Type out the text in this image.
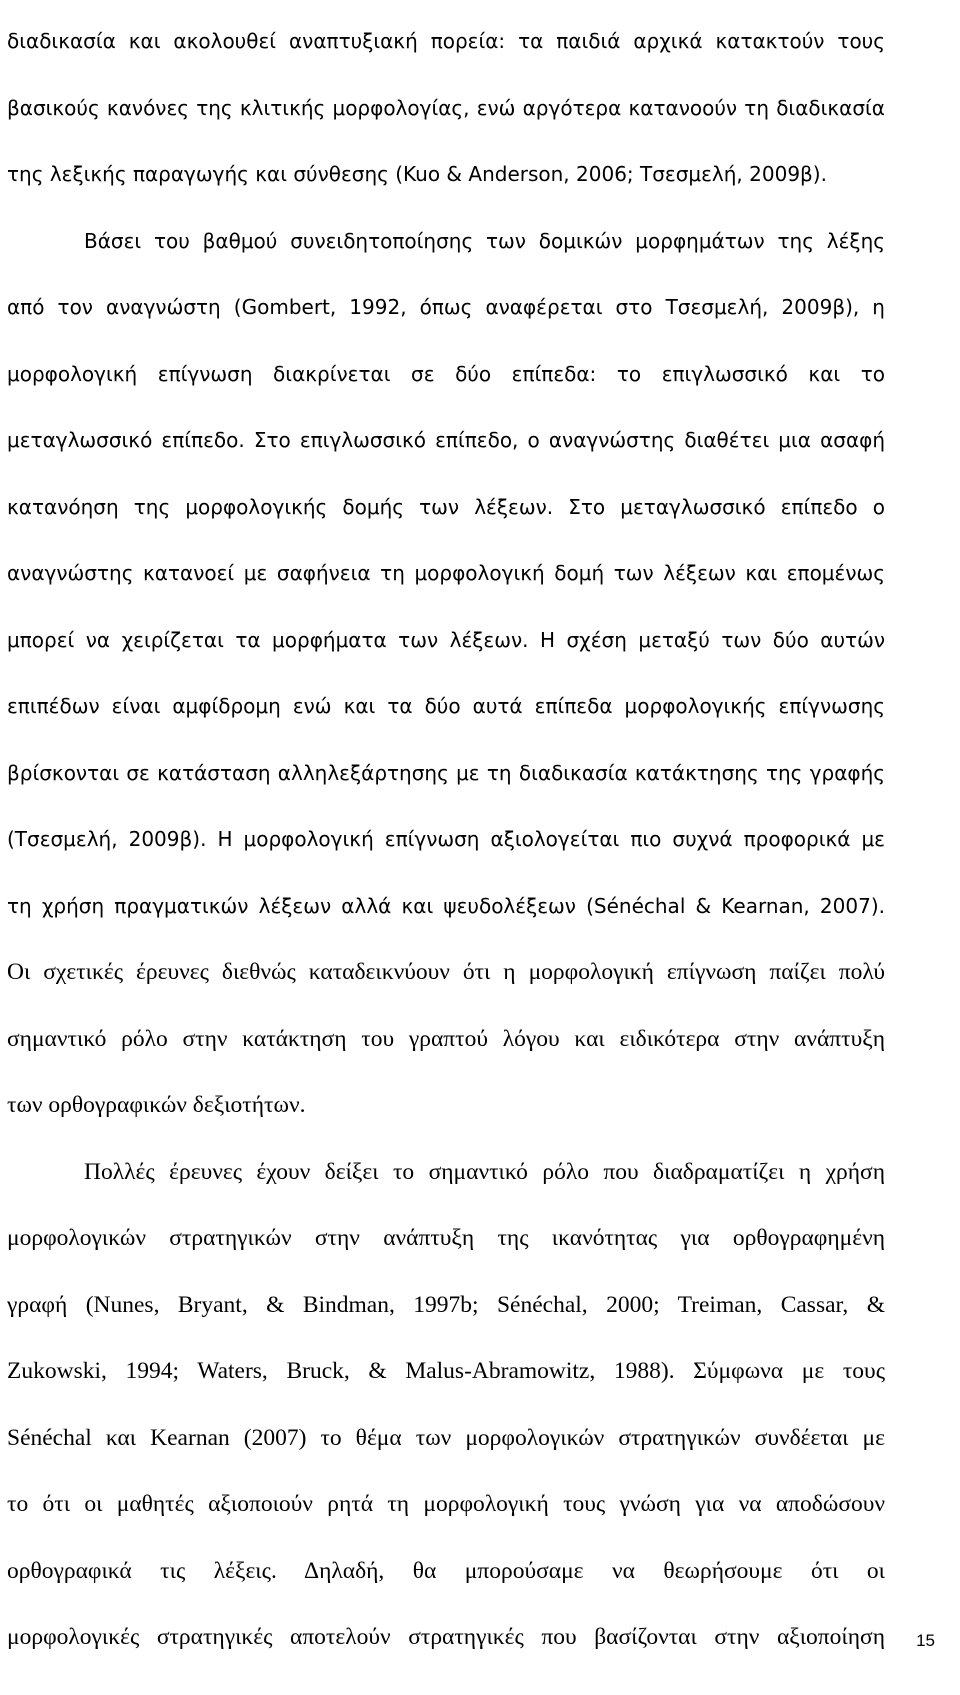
διαδικασία και ακολουθεί αναπτυξιακή πορεία: τα παιδιά αρχικά κατακτούν τους
βασικούς κανόνες της κλιτικής μορφολογίας, ενώ αργότερα κατανοούν τη διαδικασία
της λεξικής παραγωγής και σύνθεσης (Kuo & Anderson, 2006; Τσεσμελή, 2009β).
Βάσει του βαθμού συνειδητοποίησης των δομικών μορφημάτων της λέξης
από τον αναγνώστη (Gombert, 1992, όπως αναφέρεται στο Τσεσμελή, 2009β), η
μορφολογική επίγνωση διακρίνεται σε δύο επίπεδα: το επιγλωσσικό και το
μεταγλωσσικό επίπεδο. Στο επιγλωσσικό επίπεδο, ο αναγνώστης διαθέτει μια ασαφή
κατανόηση της μορφολογικής δομής των λέξεων. Στο μεταγλωσσικό επίπεδο ο
αναγνώστης κατανοεί με σαφήνεια τη μορφολογική δομή των λέξεων και επομένως
μπορεί να χειρίζεται τα μορφήματα των λέξεων. Η σχέση μεταξύ των δύο αυτών
επιπέδων είναι αμφίδρομη ενώ και τα δύο αυτά επίπεδα μορφολογικής επίγνωσης
βρίσκονται σε κατάσταση αλληλεξάρτησης με τη διαδικασία κατάκτησης της γραφής
(Τσεσμελή, 2009β). Η μορφολογική επίγνωση αξιολογείται πιο συχνά προφορικά με
τη χρήση πραγματικών λέξεων αλλά και ψευδολέξεων (Sénéchal & Kearnan, 2007).
Οι σχετικές έρευνες διεθνώς καταδεικνύουν ότι η μορφολογική επίγνωση παίζει πολύ
σημαντικό ρόλο στην κατάκτηση του γραπτού λόγου και ειδικότερα στην ανάπτυξη
των ορθογραφικών δεξιοτήτων.
Πολλές έρευνες έχουν δείξει το σημαντικό ρόλο που διαδραματίζει η χρήση
μορφολογικών στρατηγικών στην ανάπτυξη της ικανότητας για ορθογραφημένη
γραφή (Nunes, Bryant, & Bindman, 1997b; Sénéchal, 2000; Treiman, Cassar, &
Zukowski, 1994; Waters, Bruck, & Malus-Abramowitz, 1988). Σύμφωνα με τους
Sénéchal και Kearnan (2007) το θέμα των μορφολογικών στρατηγικών συνδέεται με
το ότι οι μαθητές αξιοποιούν ρητά τη μορφολογική τους γνώση για να αποδώσουν
ορθογραφικά τις λέξεις. Δηλαδή, θα μπορούσαμε να θεωρήσουμε ότι οι
μορφολογικές στρατηγικές αποτελούν στρατηγικές που βασίζονται στην αξιοποίηση 15
